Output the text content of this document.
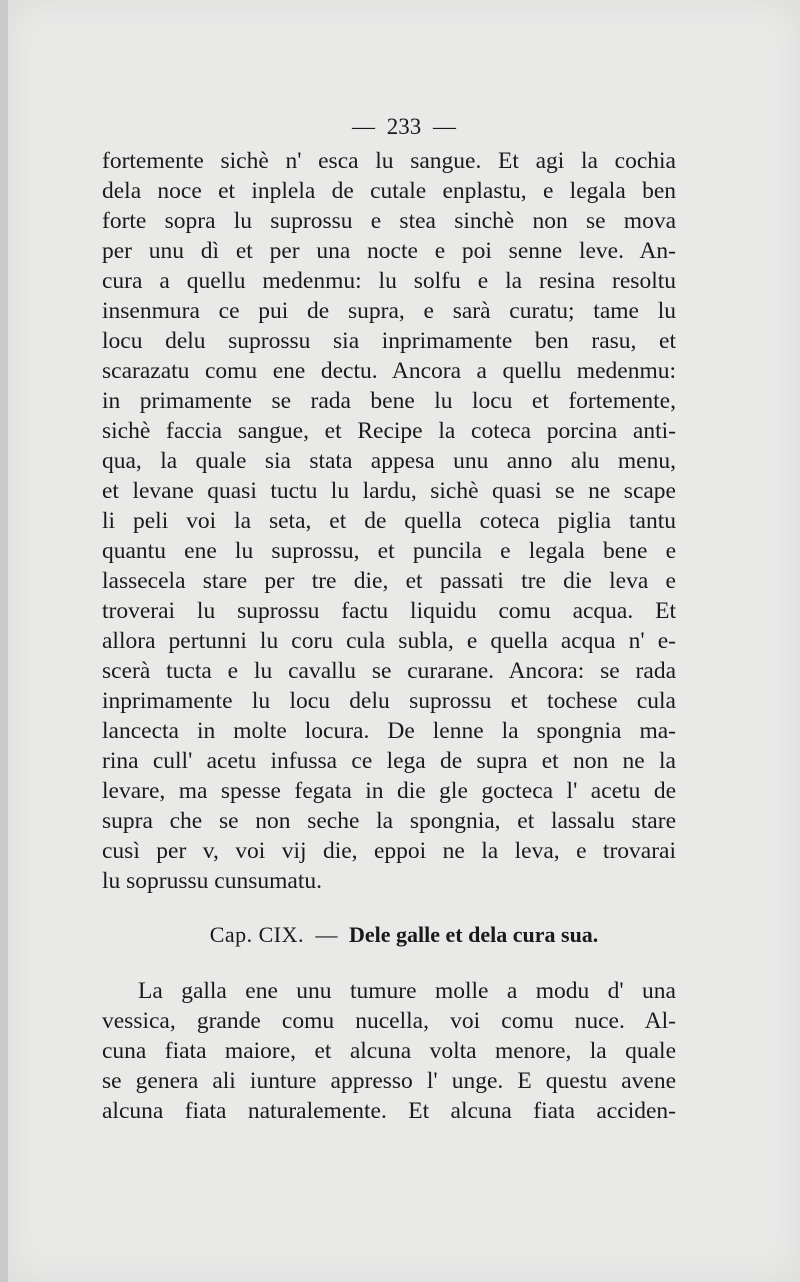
— 233 —
fortemente sichè n' esca lu sangue. Et agi la cochia
dela noce et inplela de cutale enplastu, e legala ben
forte sopra lu suprossu e stea sinchè non se mova
per unu dì et per una nocte e poi senne leve. An-
cura a quellu medenmu: lu solfu e la resina resoltu
insenmura ce pui de supra, e sarà curatu; tame lu
locu delu suprossu sia inprimamente ben rasu, et
scarazatu comu ene dectu. Ancora a quellu medenmu:
in primamente se rada bene lu locu et fortemente,
sichè faccia sangue, et Recipe la coteca porcina anti-
qua, la quale sia stata appesa unu anno alu menu,
et levane quasi tuctu lu lardu, sichè quasi se ne scape
li peli voi la seta, et de quella coteca piglia tantu
quantu ene lu suprossu, et puncila e legala bene e
lassecela stare per tre die, et passati tre die leva e
troverai lu suprossu factu liquidu comu acqua. Et
allora pertunni lu coru cula subla, e quella acqua n' e-
scerà tucta e lu cavallu se curarane. Ancora: se rada
inprimamente lu locu delu suprossu et tochese cula
lancecta in molte locura. De lenne la spongnia ma-
rina cull' acetu infussa ce lega de supra et non ne la
levare, ma spesse fegata in die gle gocteca l' acetu de
supra che se non seche la spongnia, et lassalu stare
cusì per v, voi vij die, eppoi ne la leva, e trovarai
lu soprussu cunsumatu.
Cap. CIX. — Dele galle et dela cura sua.
La galla ene unu tumure molle a modu d' una
vessica, grande comu nucella, voi comu nuce. Al-
cuna fiata maiore, et alcuna volta menore, la quale
se genera ali iunture appresso l' unge. E questu avene
alcuna fiata naturalemente. Et alcuna fiata acciden-
